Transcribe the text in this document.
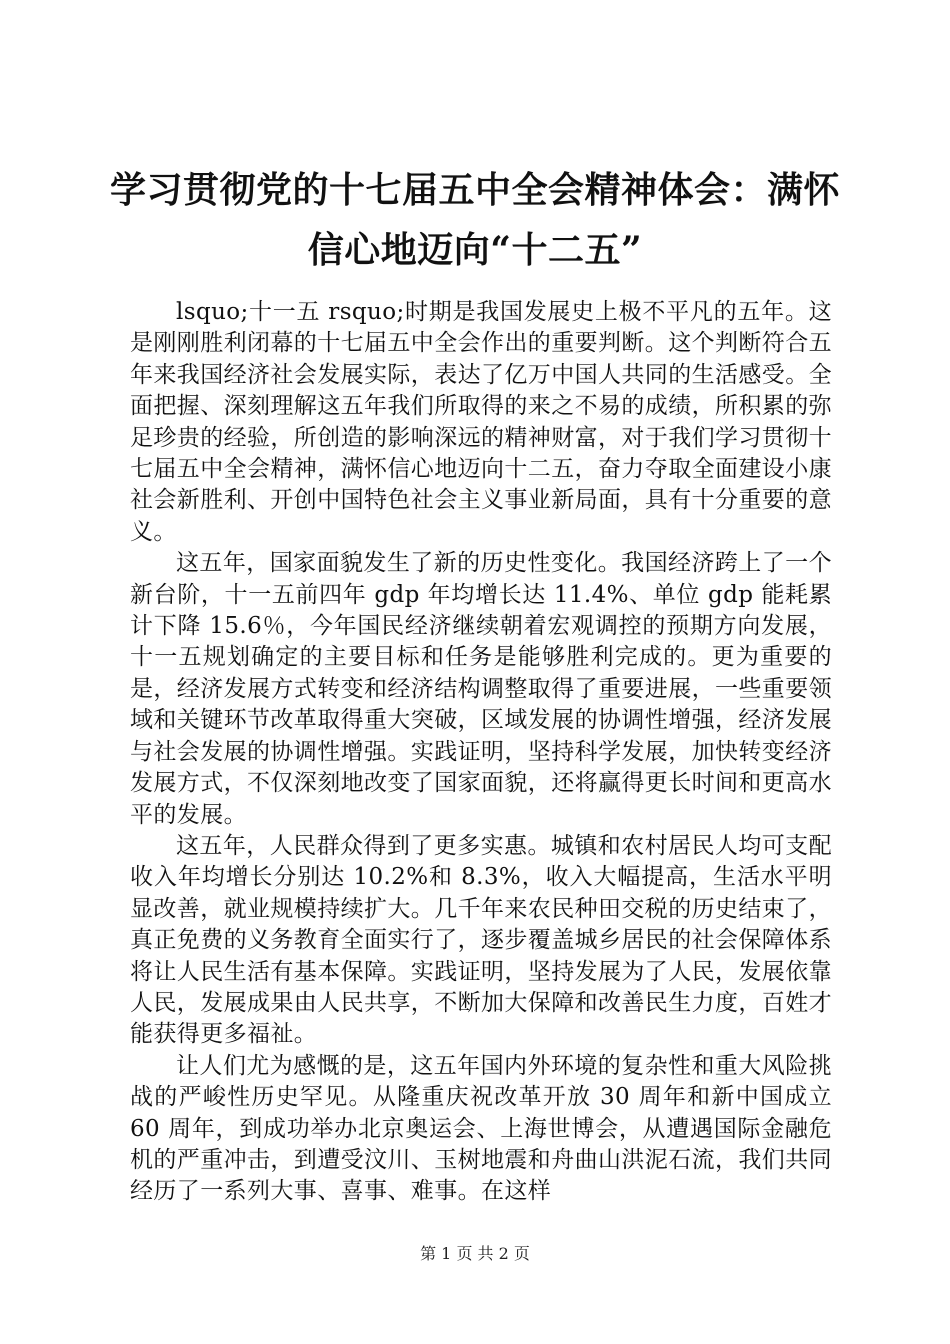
学习贯彻党的十七届五中全会精神体会：满怀
信心地迈向“十二五”

lsquo;十一五 rsquo;时期是我国发展史上极不平凡的五年。这是刚刚胜利闭幕的十七届五中全会作出的重要判断。这个判断符合五年来我国经济社会发展实际，表达了亿万中国人共同的生活感受。全面把握、深刻理解这五年我们所取得的来之不易的成绩，所积累的弥足珍贵的经验，所创造的影响深远的精神财富，对于我们学习贯彻十七届五中全会精神，满怀信心地迈向十二五，奋力夺取全面建设小康社会新胜利、开创中国特色社会主义事业新局面，具有十分重要的意义。

这五年，国家面貌发生了新的历史性变化。我国经济跨上了一个新台阶，十一五前四年 gdp 年均增长达 11.4%、单位 gdp 能耗累计下降 15.6％，今年国民经济继续朝着宏观调控的预期方向发展，十一五规划确定的主要目标和任务是能够胜利完成的。更为重要的是，经济发展方式转变和经济结构调整取得了重要进展，一些重要领域和关键环节改革取得重大突破，区域发展的协调性增强，经济发展与社会发展的协调性增强。实践证明，坚持科学发展，加快转变经济发展方式，不仅深刻地改变了国家面貌，还将赢得更长时间和更高水平的发展。

这五年，人民群众得到了更多实惠。城镇和农村居民人均可支配收入年均增长分别达 10.2%和 8.3%，收入大幅提高，生活水平明显改善，就业规模持续扩大。几千年来农民种田交税的历史结束了，真正免费的义务教育全面实行了，逐步覆盖城乡居民的社会保障体系将让人民生活有基本保障。实践证明，坚持发展为了人民，发展依靠人民，发展成果由人民共享，不断加大保障和改善民生力度，百姓才能获得更多福祉。

让人们尤为感慨的是，这五年国内外环境的复杂性和重大风险挑战的严峻性历史罕见。从隆重庆祝改革开放 30 周年和新中国成立 60 周年，到成功举办北京奥运会、上海世博会，从遭遇国际金融危机的严重冲击，到遭受汶川、玉树地震和舟曲山洪泥石流，我们共同经历了一系列大事、喜事、难事。在这样

第 1 页 共 2 页
